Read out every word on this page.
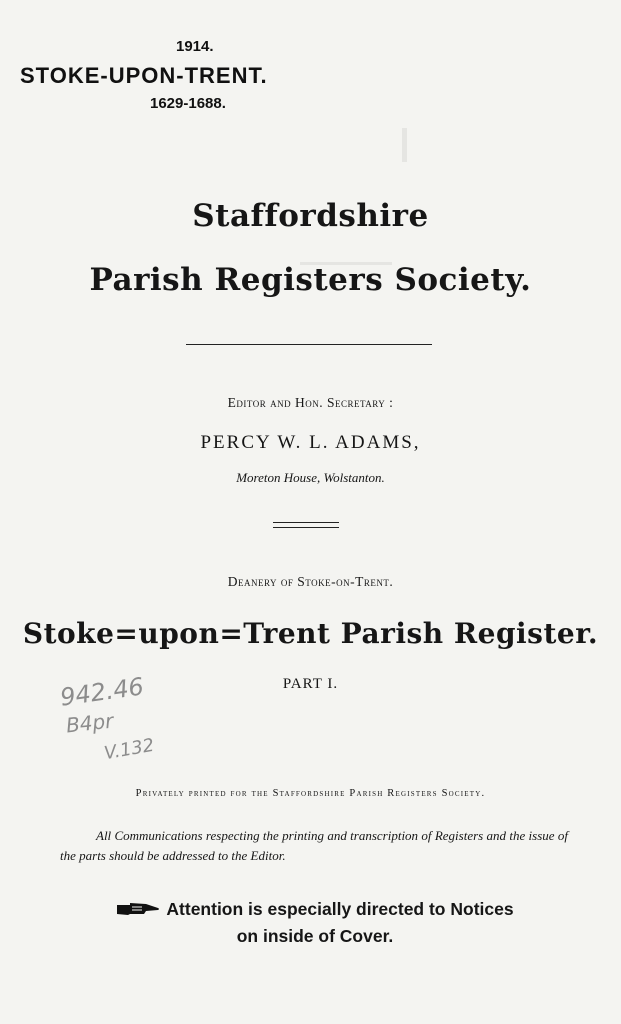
1914.
STOKE-UPON-TRENT.
1629-1688.
Staffordshire
Parish Registers Society.
Editor and Hon. Secretary :
PERCY W. L. ADAMS,
Moreton House, Wolstanton.
Deanery of Stoke-on-Trent.
Stoke=upon=Trent Parish Register.
PART I.
942.46
B4pr
V.132
Privately printed for the Staffordshire Parish Registers Society.
All Communications respecting the printing and transcription of Registers and the issue of the parts should be addressed to the Editor.
Attention is especially directed to Notices
on inside of Cover.
